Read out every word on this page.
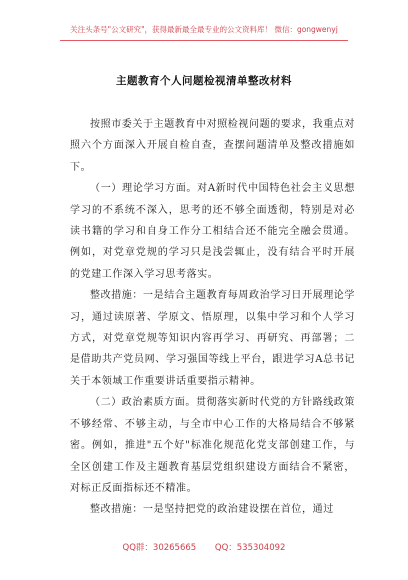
关注头条号"公文研究"，获得最新最全最专业的公文资料库！ 微信：gongwenyj
主题教育个人问题检视清单整改材料

按照市委关于主题教育中对照检视问题的要求，我重点对照六个方面深入开展自检自查，查摆问题清单及整改措施如下。

（一）理论学习方面。对A新时代中国特色社会主义思想学习的不系统不深入，思考的还不够全面透彻，特别是对必读书籍的学习和自身工作分工相结合还不能完全融会贯通。例如，对党章党规的学习只是浅尝辄止，没有结合平时开展的党建工作深入学习思考落实。

整改措施：一是结合主题教育每周政治学习日开展理论学习，通过读原著、学原文、悟原理，以集中学习和个人学习方式，对党章党规等知识内容再学习、再研究、再部署；二是借助共产党员网、学习强国等线上平台，跟进学习A总书记关于本领域工作重要讲话重要指示精神。

（二）政治素质方面。贯彻落实新时代党的方针路线政策不够经常、不够主动，与全市中心工作的大格局结合不够紧密。例如，推进"五个好"标准化规范化党支部创建工作，与全区创建工作及主题教育基层党组织建设方面结合不紧密，对标正反面指标还不精准。

整改措施：一是坚持把党的政治建设摆在首位，通过

QQ群：30265665 QQ：535304092
